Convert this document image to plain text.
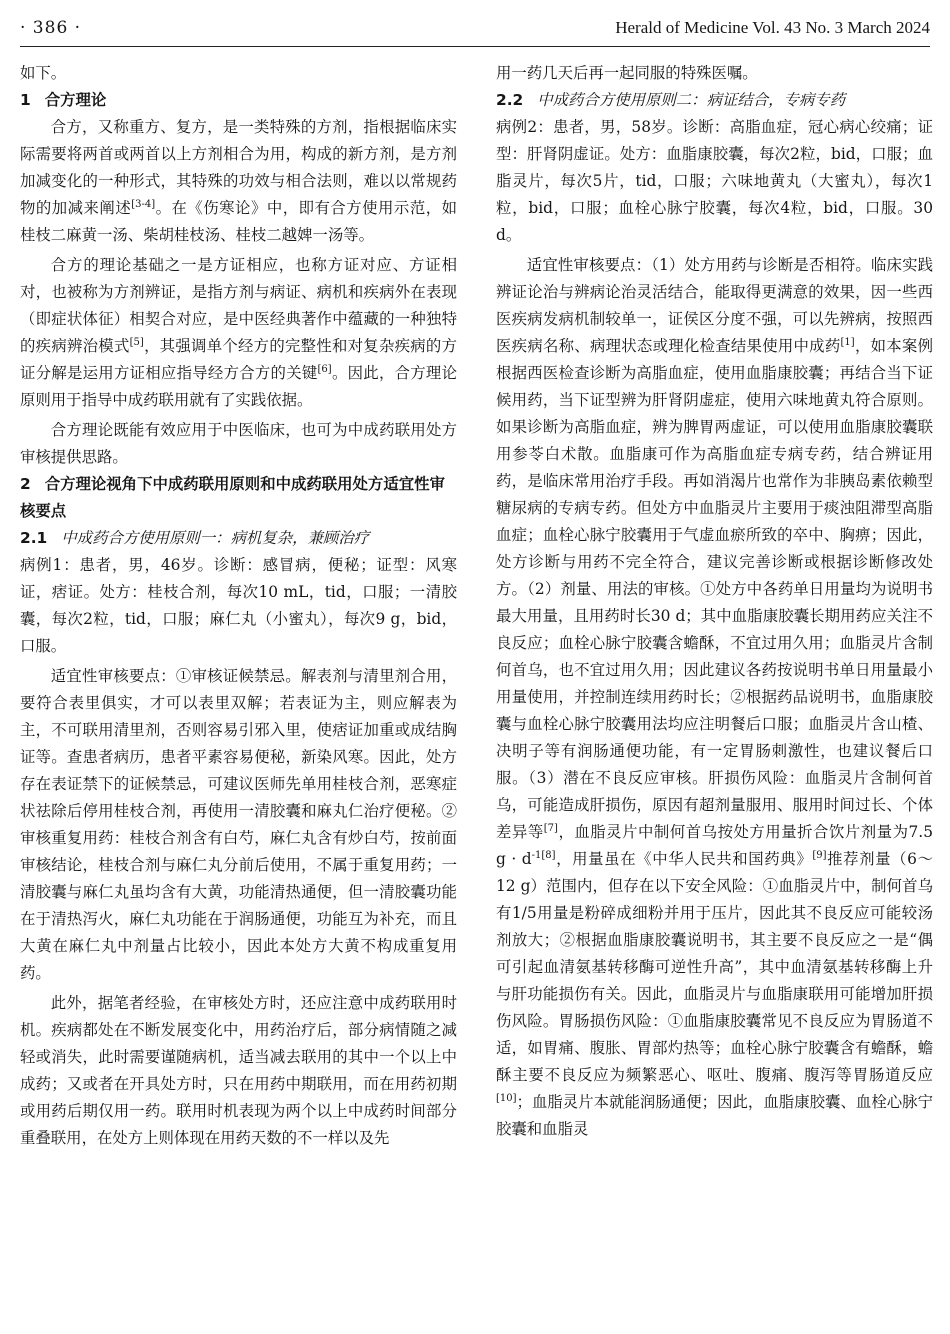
· 386 ·	Herald of Medicine Vol. 43 No. 3 March 2024

如下。

1 合方理论

合方，又称重方、复方，是一类特殊的方剂，指根据临床实际需要将两首或两首以上方剂相合为用，构成的新方剂，是方剂加减变化的一种形式，其特殊的功效与相合法则，难以以常规药物的加减来阐述[3-4]。在《伤寒论》中，即有合方使用示范，如桂枝二麻黄一汤、柴胡桂枝汤、桂枝二越婢一汤等。

合方的理论基础之一是方证相应，也称方证对应、方证相对，也被称为方剂辨证，是指方剂与病证、病机和疾病外在表现（即症状体征）相契合对应，是中医经典著作中蕴藏的一种独特的疾病辨治模式[5]，其强调单个经方的完整性和对复杂疾病的方证分解是运用方证相应指导经方合方的关键[6]。因此，合方理论原则用于指导中成药联用就有了实践依据。

合方理论既能有效应用于中医临床，也可为中成药联用处方审核提供思路。

2 合方理论视角下中成药联用原则和中成药联用处方适宜性审核要点
2.1 中成药合方使用原则一：病机复杂，兼顾治疗

病例1：患者，男，46岁。诊断：感冒病，便秘；证型：风寒证，痞证。处方：桂枝合剂，每次10 mL，tid，口服；一清胶囊，每次2粒，tid，口服；麻仁丸（小蜜丸），每次9 g，bid，口服。

适宜性审核要点：①审核证候禁忌。解表剂与清里剂合用，要符合表里俱实，才可以表里双解；若表证为主，则应解表为主，不可联用清里剂，否则容易引邪入里，使痞证加重或成结胸证等。查患者病历，患者平素容易便秘，新染风寒。因此，处方存在表证禁下的证候禁忌，可建议医师先单用桂枝合剂，恶寒症状祛除后停用桂枝合剂，再使用一清胶囊和麻丸仁治疗便秘。②审核重复用药：桂枝合剂含有白芍，麻仁丸含有炒白芍，按前面审核结论，桂枝合剂与麻仁丸分前后使用，不属于重复用药；一清胶囊与麻仁丸虽均含有大黄，功能清热通便，但一清胶囊功能在于清热泻火，麻仁丸功能在于润肠通便，功能互为补充，而且大黄在麻仁丸中剂量占比较小，因此本处方大黄不构成重复用药。

此外，据笔者经验，在审核处方时，还应注意中成药联用时机。疾病都处在不断发展变化中，用药治疗后，部分病情随之减轻或消失，此时需要谨随病机，适当减去联用的其中一个以上中成药；又或者在开具处方时，只在用药中期联用，而在用药初期或用药后期仅用一药。联用时机表现为两个以上中成药时间部分重叠联用，在处方上则体现在用药天数的不一样以及先

用一药几天后再一起同服的特殊医嘱。

2.2 中成药合方使用原则二：病证结合，专病专药

病例2：患者，男，58岁。诊断：高脂血症，冠心病心绞痛；证型：肝肾阴虚证。处方：血脂康胶囊，每次2粒，bid，口服；血脂灵片，每次5片，tid，口服；六味地黄丸（大蜜丸），每次1粒，bid，口服；血栓心脉宁胶囊，每次4粒，bid，口服。30 d。

适宜性审核要点：（1）处方用药与诊断是否相符。临床实践辨证论治与辨病论治灵活结合，能取得更满意的效果，因一些西医疾病发病机制较单一，证侯区分度不强，可以先辨病，按照西医疾病名称、病理状态或理化检查结果使用中成药[1]，如本案例根据西医检查诊断为高脂血症，使用血脂康胶囊；再结合当下证候用药，当下证型辨为肝肾阴虚症，使用六味地黄丸符合原则。如果诊断为高脂血症，辨为脾胃两虚证，可以使用血脂康胶囊联用参苓白术散。血脂康可作为高脂血症专病专药，结合辨证用药，是临床常用治疗手段。再如消渴片也常作为非胰岛素依赖型糖尿病的专病专药。但处方中血脂灵片主要用于痰浊阻滞型高脂血症；血栓心脉宁胶囊用于气虚血瘀所致的卒中、胸痹；因此，处方诊断与用药不完全符合，建议完善诊断或根据诊断修改处方。（2）剂量、用法的审核。①处方中各药单日用量均为说明书最大用量，且用药时长30 d；其中血脂康胶囊长期用药应关注不良反应；血栓心脉宁胶囊含蟾酥，不宜过用久用；血脂灵片含制何首乌，也不宜过用久用；因此建议各药按说明书单日用量最小用量使用，并控制连续用药时长；②根据药品说明书，血脂康胶囊与血栓心脉宁胶囊用法均应注明餐后口服；血脂灵片含山楂、决明子等有润肠通便功能，有一定胃肠刺激性，也建议餐后口服。（3）潜在不良反应审核。肝损伤风险：血脂灵片含制何首乌，可能造成肝损伤，原因有超剂量服用、服用时间过长、个体差异等[7]，血脂灵片中制何首乌按处方用量折合饮片剂量为7.5 $g \cdot d^{-1[8]}$，用量虽在《中华人民共和国药典》[9]推荐剂量（6～12 g）范围内，但存在以下安全风险：①血脂灵片中，制何首乌有1/5用量是粉碎成细粉并用于压片，因此其不良反应可能较汤剂放大；②根据血脂康胶囊说明书，其主要不良反应之一是“偶可引起血清氨基转移酶可逆性升高”，其中血清氨基转移酶上升与肝功能损伤有关。因此，血脂灵片与血脂康联用可能增加肝损伤风险。胃肠损伤风险：①血脂康胶囊常见不良反应为胃肠道不适，如胃痛、腹胀、胃部灼热等；血栓心脉宁胶囊含有蟾酥，蟾酥主要不良反应为频繁恶心、呕吐、腹痛、腹泻等胃肠道反应[10]；血脂灵片本就能润肠通便；因此，血脂康胶囊、血栓心脉宁胶囊和血脂灵
